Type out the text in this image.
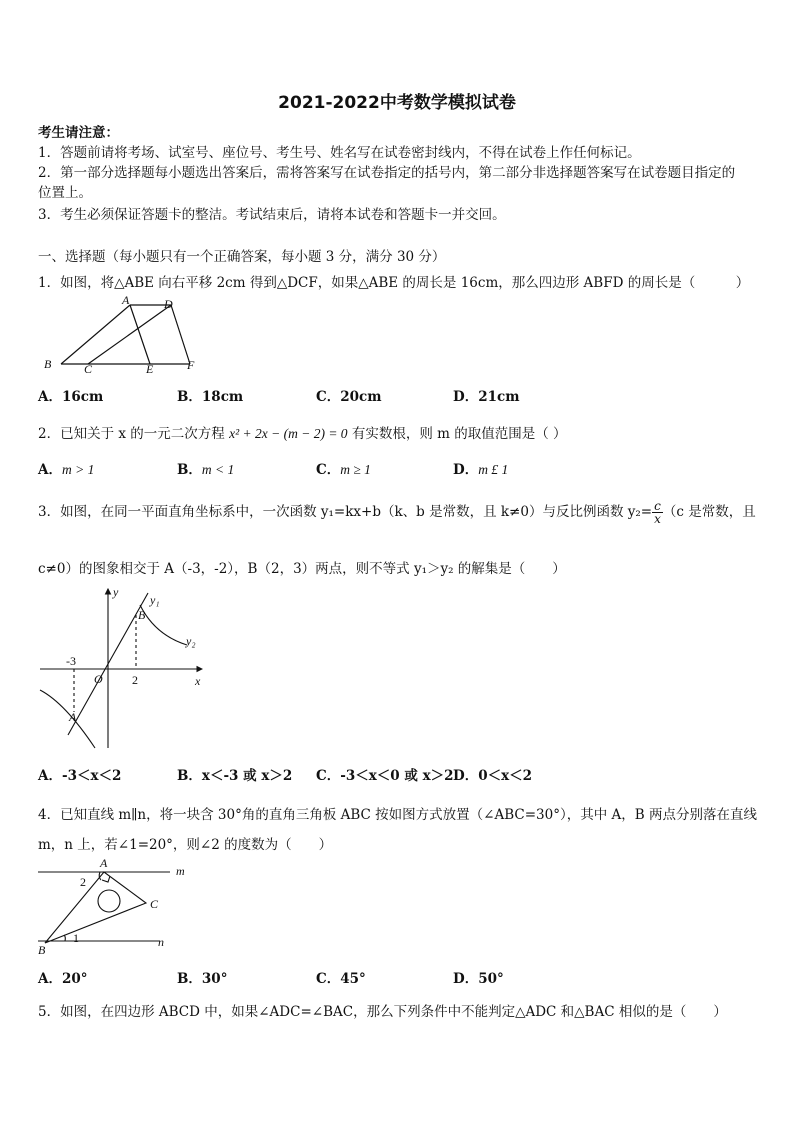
2021-2022中考数学模拟试卷
考生请注意：
1．答题前请将考场、试室号、座位号、考生号、姓名写在试卷密封线内，不得在试卷上作任何标记。
2．第一部分选择题每小题选出答案后，需将答案写在试卷指定的括号内，第二部分非选择题答案写在试卷题目指定的
位置上。
3．考生必须保证答题卡的整洁。考试结束后，请将本试卷和答题卡一并交回。
一、选择题（每小题只有一个正确答案，每小题 3 分，满分 30 分）
1．如图，将△ABE 向右平移 2cm 得到△DCF，如果△ABE 的周长是 16cm，那么四边形 ABFD 的周长是（　　　）
A	D
B	C	E	F
A．16cm	B．18cm	C．20cm	D．21cm
2．已知关于 x 的一元二次方程 x² + 2x − (m − 2) = 0 有实数根，则 m 的取值范围是（ ）
A．m > 1	B．m < 1	C．m ≥ 1	D．m £ 1
3．如图，在同一平面直角坐标系中，一次函数 y₁=kx+b（k、b 是常数，且 k≠0）与反比例函数 $y_2= \frac{c}{x} (c$ 是常数，且
c≠0）的图象相交于 A（-3，-2），B（2，3）两点，则不等式 y₁＞y₂ 的解集是（　　）
y
y₁
B
y₂
-3
O 2	x
A
A．-3＜x＜2	B．x＜-3 或 x＞2 C．-3＜x＜0 或 x＞2 D．0＜x＜2
4．已知直线 m∥n，将一块含 30°角的直角三角板 ABC 按如图方式放置（∠ABC=30°），其中 A，B 两点分别落在直线
m，n 上，若∠1=20°，则∠2 的度数为（　　）
A
m
2
C
B
1	n
A．20°	B．30°	C．45°	D．50°
5．如图，在四边形 ABCD 中，如果∠ADC=∠BAC，那么下列条件中不能判定△ADC 和△BAC 相似的是（　　）
